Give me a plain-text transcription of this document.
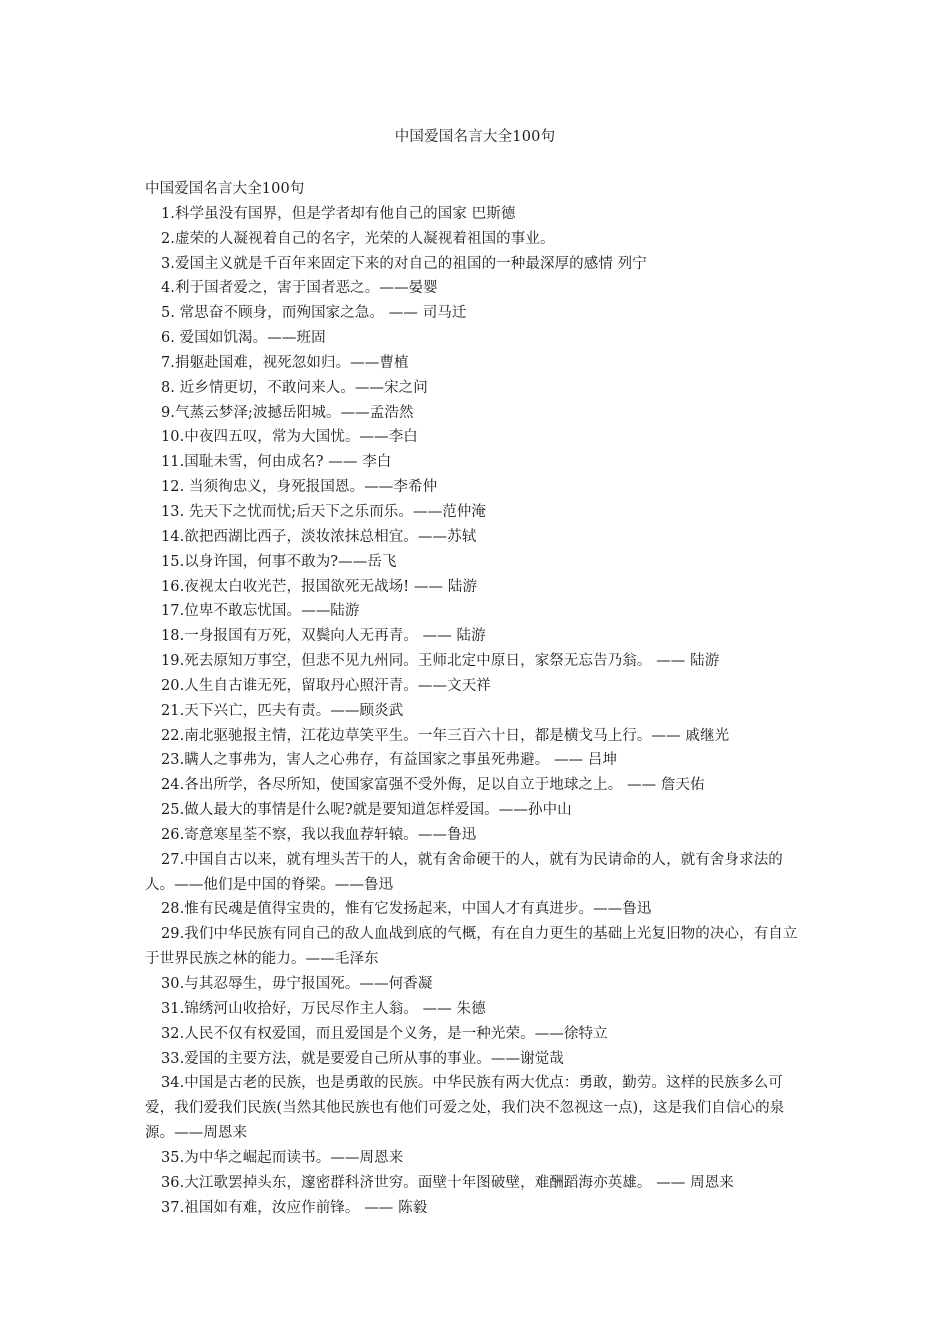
中国爱国名言大全100句
中国爱国名言大全100句
1.科学虽没有国界，但是学者却有他自己的国家 巴斯德
2.虚荣的人凝视着自己的名字，光荣的人凝视着祖国的事业。
3.爱国主义就是千百年来固定下来的对自己的祖国的一种最深厚的感情 列宁
4.利于国者爱之，害于国者恶之。——晏婴
5. 常思奋不顾身，而殉国家之急。 —— 司马迁
6. 爱国如饥渴。——班固
7.捐躯赴国难，视死忽如归。——曹植
8. 近乡情更切，不敢问来人。——宋之问
9.气蒸云梦泽;波撼岳阳城。——孟浩然
10.中夜四五叹，常为大国忧。——李白
11.国耻未雪，何由成名? —— 李白
12. 当须徇忠义，身死报国恩。——李希仲
13. 先天下之忧而忧;后天下之乐而乐。——范仲淹
14.欲把西湖比西子，淡妆浓抹总相宜。——苏轼
15.以身许国，何事不敢为?——岳飞
16.夜视太白收光芒，报国欲死无战场! —— 陆游
17.位卑不敢忘忧国。——陆游
18.一身报国有万死，双鬓向人无再青。 —— 陆游
19.死去原知万事空，但悲不见九州同。王师北定中原日，家祭无忘告乃翁。 —— 陆游
20.人生自古谁无死，留取丹心照汗青。——文天祥
21.天下兴亡，匹夫有责。——顾炎武
22.南北驱驰报主情，江花边草笑平生。一年三百六十日，都是横戈马上行。—— 戚继光
23.瞒人之事弗为，害人之心弗存，有益国家之事虽死弗避。 —— 吕坤
24.各出所学，各尽所知，使国家富强不受外侮，足以自立于地球之上。 —— 詹天佑
25.做人最大的事情是什么呢?就是要知道怎样爱国。——孙中山
26.寄意寒星荃不察，我以我血荐轩辕。——鲁迅
27.中国自古以来，就有埋头苦干的人，就有舍命硬干的人，就有为民请命的人，就有舍身求法的人。——他们是中国的脊梁。——鲁迅
28.惟有民魂是值得宝贵的，惟有它发扬起来，中国人才有真进步。——鲁迅
29.我们中华民族有同自己的敌人血战到底的气概，有在自力更生的基础上光复旧物的决心，有自立于世界民族之林的能力。——毛泽东
30.与其忍辱生，毋宁报国死。——何香凝
31.锦绣河山收拾好，万民尽作主人翁。 —— 朱德
32.人民不仅有权爱国，而且爱国是个义务，是一种光荣。——徐特立
33.爱国的主要方法，就是要爱自己所从事的事业。——谢觉哉
34.中国是古老的民族，也是勇敢的民族。中华民族有两大优点：勇敢，勤劳。这样的民族多么可爱，我们爱我们民族(当然其他民族也有他们可爱之处，我们决不忽视这一点)，这是我们自信心的泉源。——周恩来
35.为中华之崛起而读书。——周恩来
36.大江歌罢掉头东，邃密群科济世穷。面壁十年图破壁，难酬蹈海亦英雄。 —— 周恩来
37.祖国如有难，汝应作前锋。 —— 陈毅
